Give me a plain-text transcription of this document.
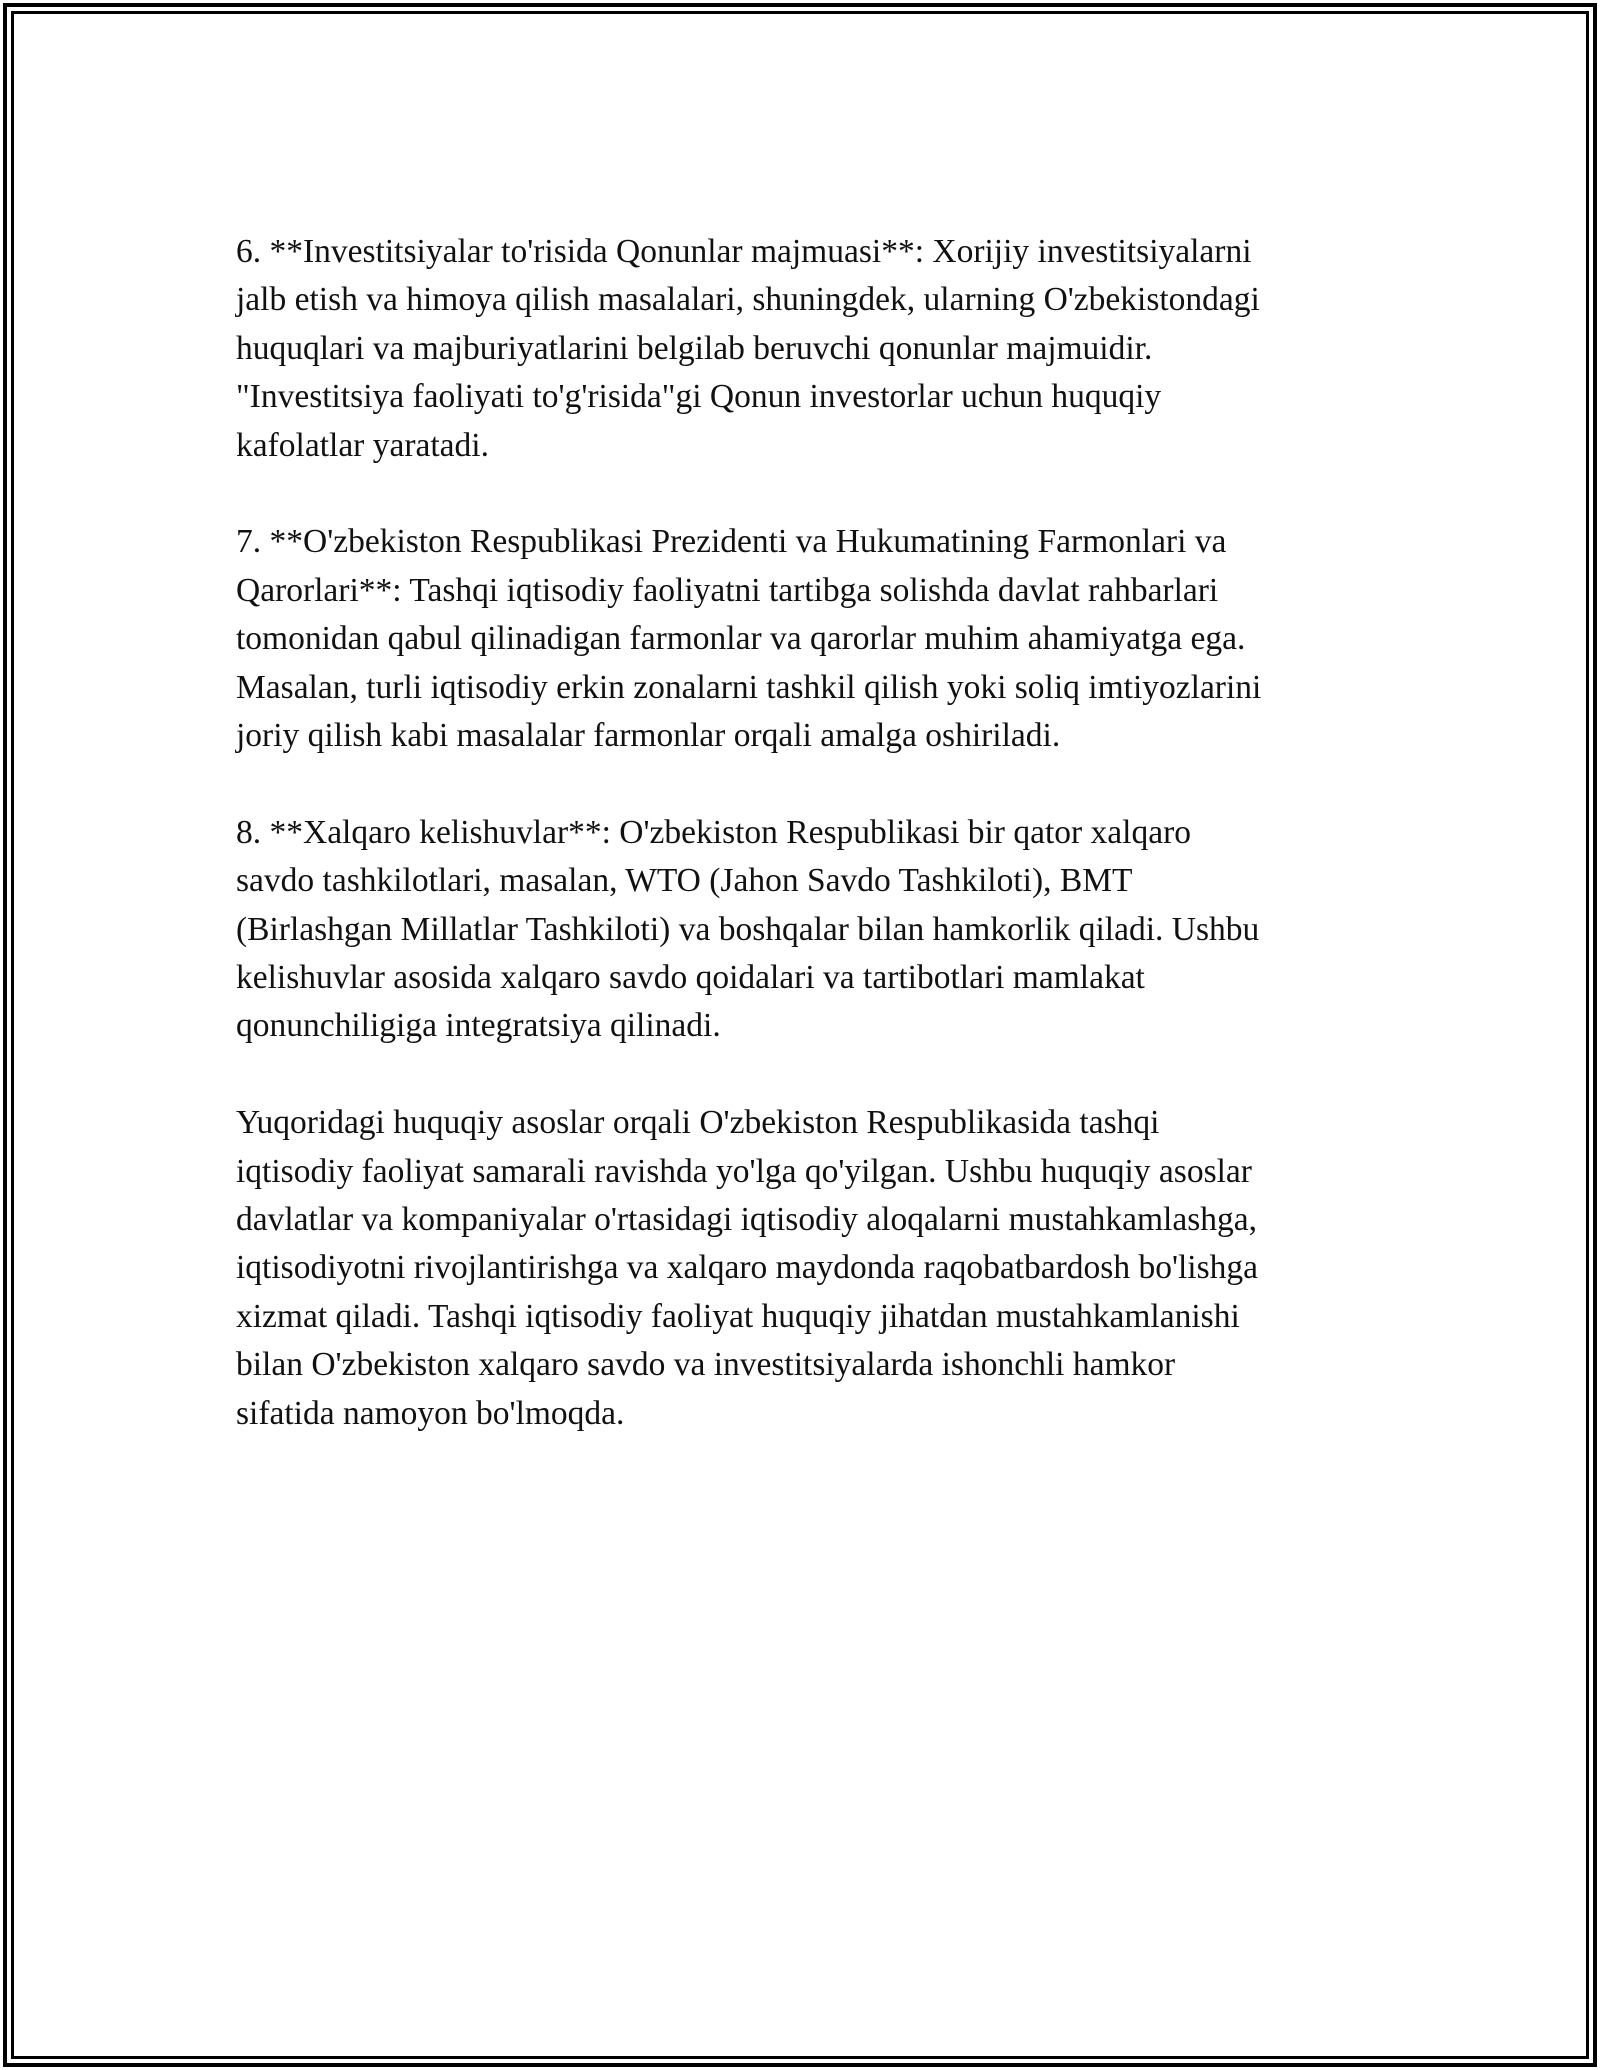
6. **Investitsiyalar to'risida Qonunlar majmuasi**: Xorijiy investitsiyalarni
jalb etish va himoya qilish masalalari, shuningdek, ularning O'zbekistondagi
huquqlari va majburiyatlarini belgilab beruvchi qonunlar majmuidir.
"Investitsiya faoliyati to'g'risida"gi Qonun investorlar uchun huquqiy
kafolatlar yaratadi.

7. **O'zbekiston Respublikasi Prezidenti va Hukumatining Farmonlari va
Qarorlari**: Tashqi iqtisodiy faoliyatni tartibga solishda davlat rahbarlari
tomonidan qabul qilinadigan farmonlar va qarorlar muhim ahamiyatga ega.
Masalan, turli iqtisodiy erkin zonalarni tashkil qilish yoki soliq imtiyozlarini
joriy qilish kabi masalalar farmonlar orqali amalga oshiriladi.

8. **Xalqaro kelishuvlar**: O'zbekiston Respublikasi bir qator xalqaro
savdo tashkilotlari, masalan, WTO (Jahon Savdo Tashkiloti), BMT
(Birlashgan Millatlar Tashkiloti) va boshqalar bilan hamkorlik qiladi. Ushbu
kelishuvlar asosida xalqaro savdo qoidalari va tartibotlari mamlakat
qonunchiligiga integratsiya qilinadi.

Yuqoridagi huquqiy asoslar orqali O'zbekiston Respublikasida tashqi
iqtisodiy faoliyat samarali ravishda yo'lga qo'yilgan. Ushbu huquqiy asoslar
davlatlar va kompaniyalar o'rtasidagi iqtisodiy aloqalarni mustahkamlashga,
iqtisodiyotni rivojlantirishga va xalqaro maydonda raqobatbardosh bo'lishga
xizmat qiladi. Tashqi iqtisodiy faoliyat huquqiy jihatdan mustahkamlanishi
bilan O'zbekiston xalqaro savdo va investitsiyalarda ishonchli hamkor
sifatida namoyon bo'lmoqda.
